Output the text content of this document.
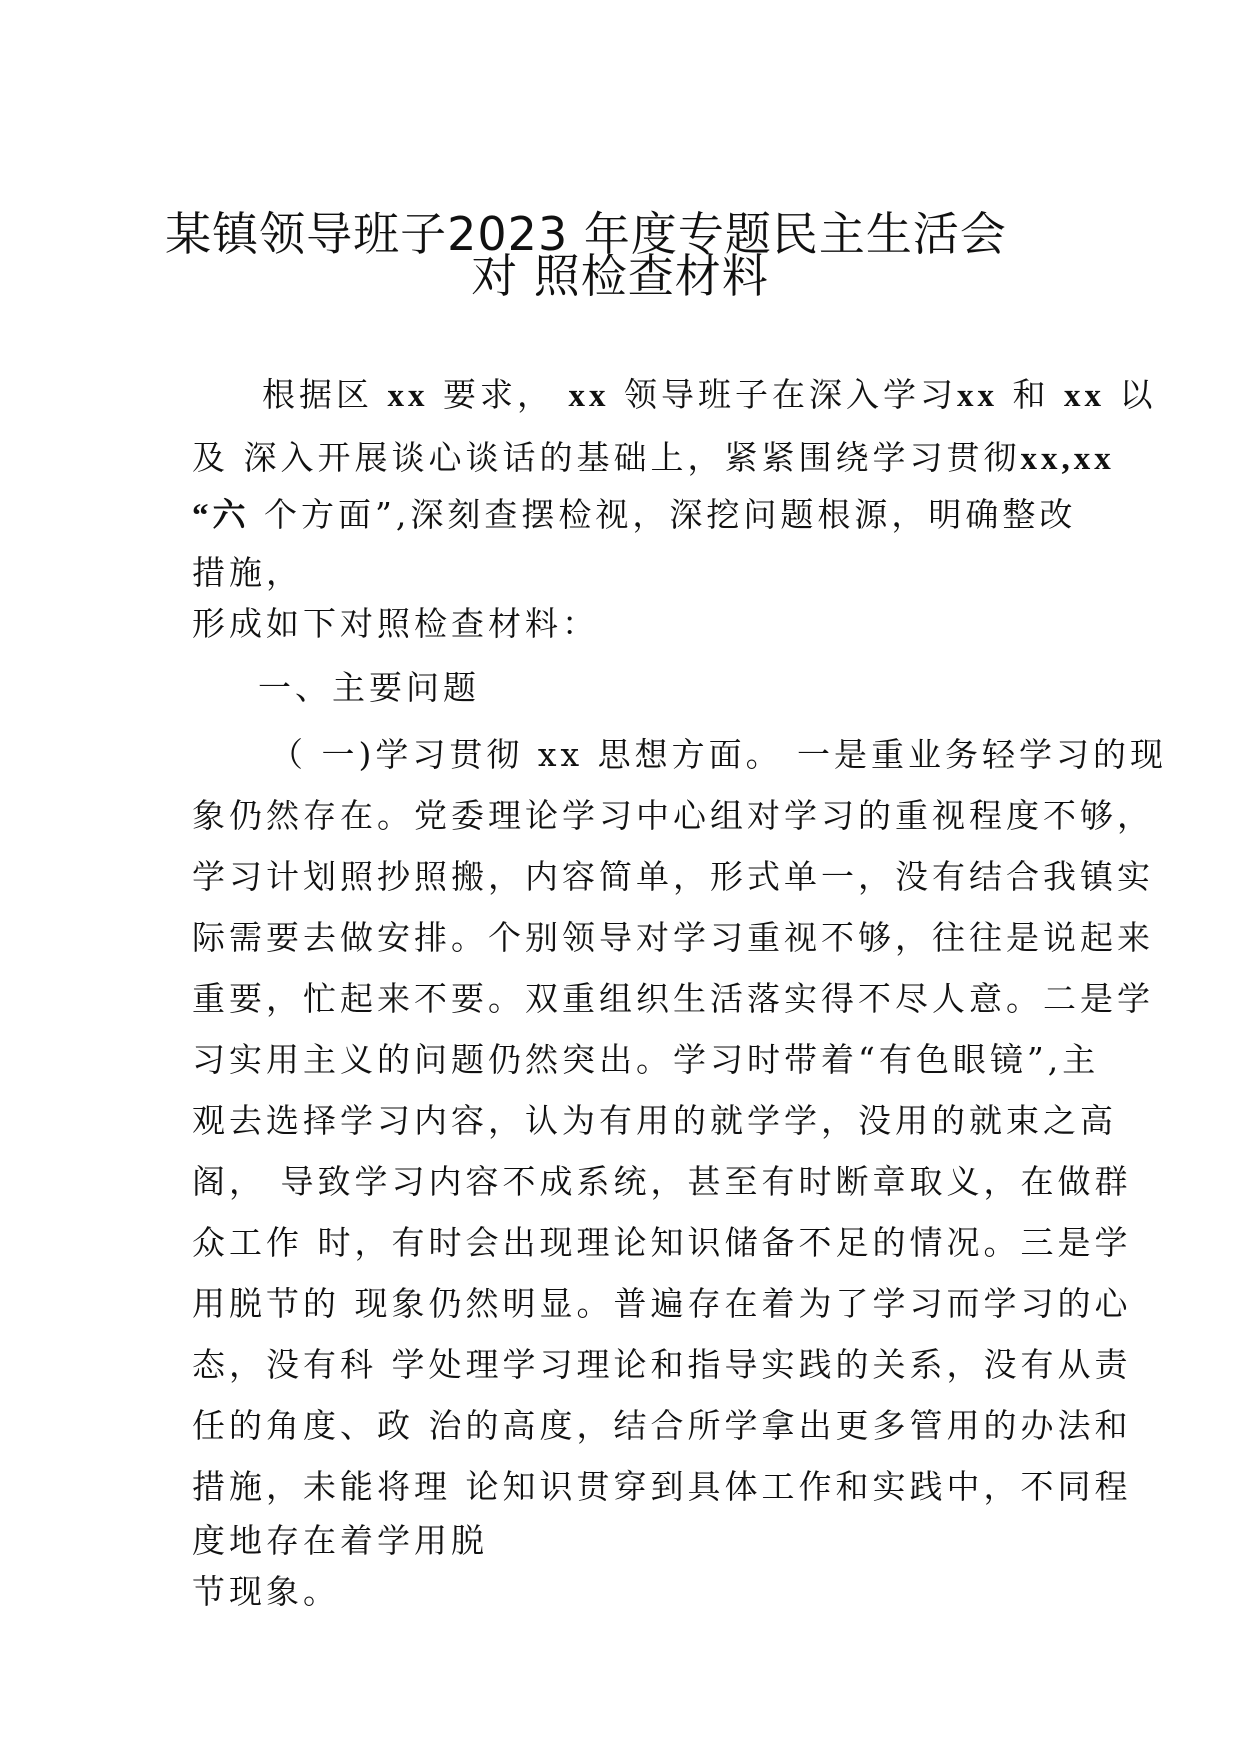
某镇领导班子2023 年度专题民主生活会
对 照检查材料
根据区 xx 要求， xx 领导班子在深入学习xx 和 xx 以
及 深入开展谈心谈话的基础上，紧紧围绕学习贯彻xx,xx
“六 个方面”,深刻查摆检视，深挖问题根源，明确整改
措施，
形成如下对照检查材料：
一、主要问题
（ 一)学习贯彻 xx 思想方面。 一是重业务轻学习的现
象仍然存在。党委理论学习中心组对学习的重视程度不够，
学习计划照抄照搬，内容简单，形式单一，没有结合我镇实
际需要去做安排。个别领导对学习重视不够，往往是说起来
重要，忙起来不要。双重组织生活落实得不尽人意。二是学
习实用主义的问题仍然突出。学习时带着“有色眼镜”,主
观去选择学习内容，认为有用的就学学，没用的就束之高
阁， 导致学习内容不成系统，甚至有时断章取义，在做群
众工作 时，有时会出现理论知识储备不足的情况。三是学
用脱节的 现象仍然明显。普遍存在着为了学习而学习的心
态，没有科 学处理学习理论和指导实践的关系，没有从责
任的角度、政 治的高度，结合所学拿出更多管用的办法和
措施，未能将理 论知识贯穿到具体工作和实践中，不同程
度地存在着学用脱
节现象。
